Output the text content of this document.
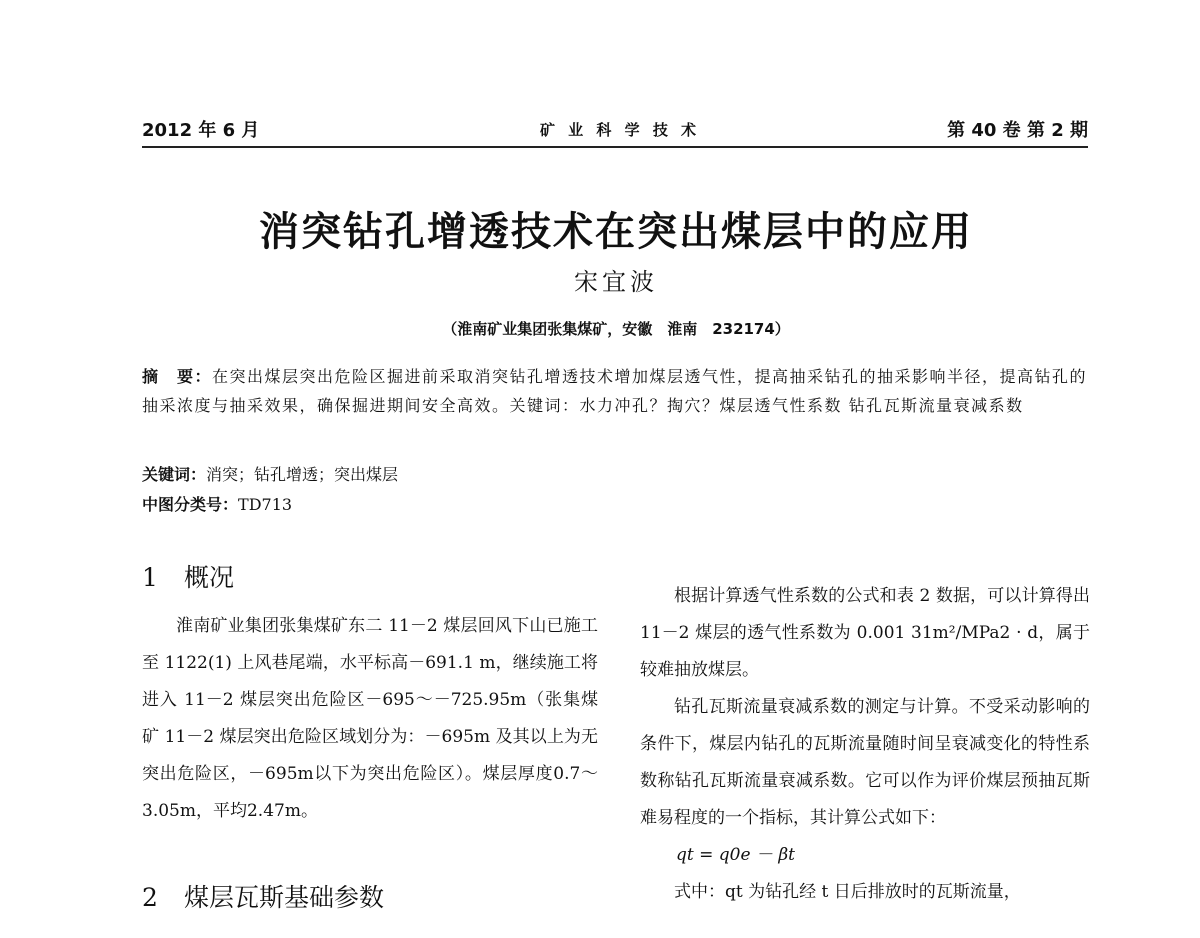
2012 年 6 月	矿 业 科 学 技 术	第 40 卷 第 2 期
消突钻孔增透技术在突出煤层中的应用
宋宜波
（淮南矿业集团张集煤矿，安徽　淮南　232174）
摘　要：在突出煤层突出危险区掘进前采取消突钻孔增透技术增加煤层透气性，提高抽采钻孔的抽采影响半径，提高钻孔的抽采浓度与抽采效果，确保掘进期间安全高效。关键词：水力冲孔？掏穴？煤层透气性系数 钻孔瓦斯流量衰减系数
关键词：消突；钻孔增透；突出煤层
中图分类号：TD713
1 概况

淮南矿业集团张集煤矿东二 11－2 煤层回风下山已施工至 1122(1) 上风巷尾端，水平标高－691.1 m，继续施工将进入 11－2 煤层突出危险区－695～－725.95m（张集煤矿 11－2 煤层突出危险区域划分为：－695m 及其以上为无突出危险区，－695m以下为突出危险区）。煤层厚度0.7～3.05m，平均2.47m。

2 煤层瓦斯基础参数

根据计算透气性系数的公式和表 2 数据，可以计算得出 11－2 煤层的透气性系数为 0.001 31m²/MPa2 · d，属于较难抽放煤层。

钻孔瓦斯流量衰减系数的测定与计算。不受采动影响的条件下，煤层内钻孔的瓦斯流量随时间呈衰减变化的特性系数称钻孔瓦斯流量衰减系数。它可以作为评价煤层预抽瓦斯难易程度的一个指标，其计算公式如下：

qt = q0e － βt

式中：qt 为钻孔经 t 日后排放时的瓦斯流量，
